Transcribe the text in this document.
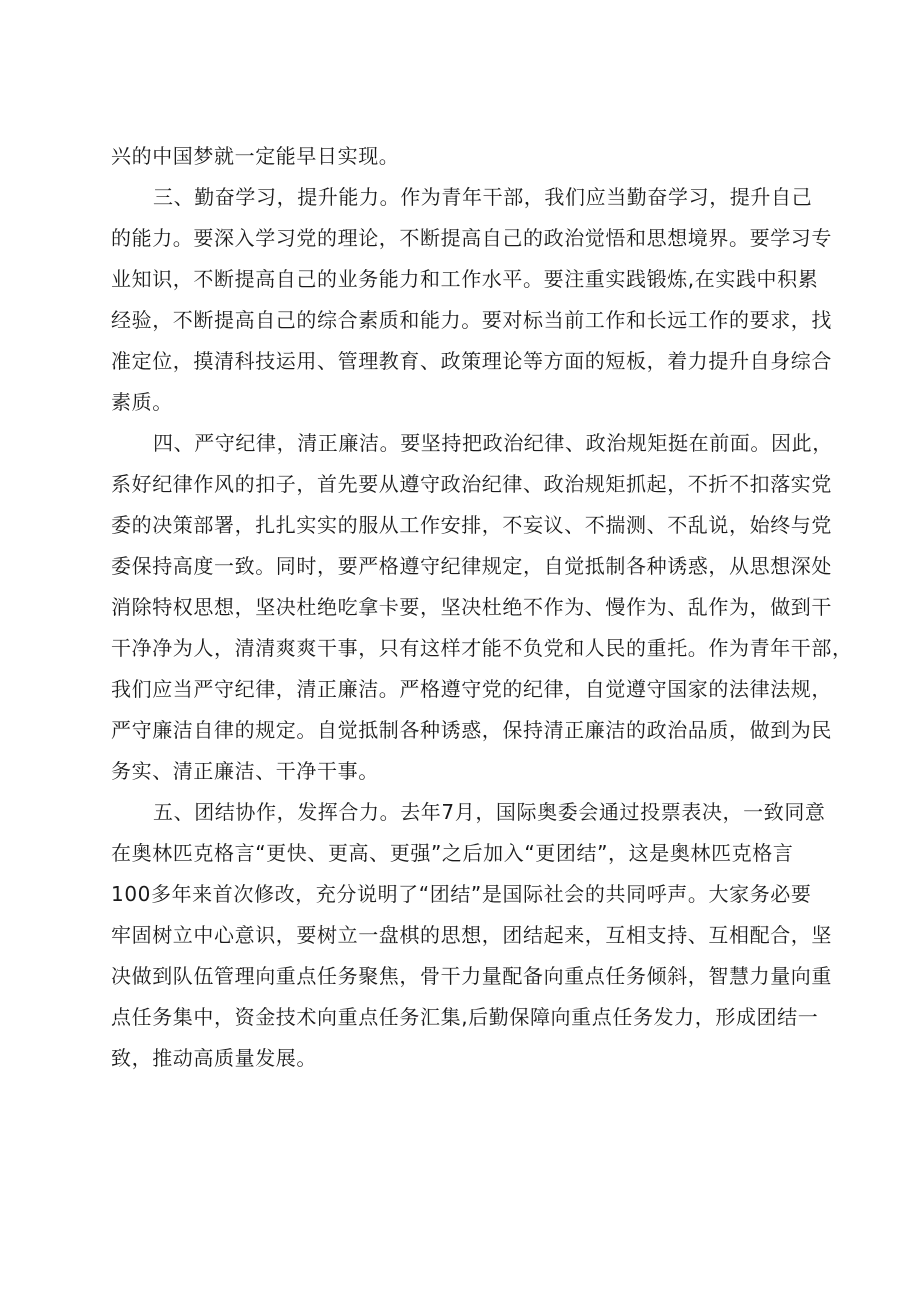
兴的中国梦就一定能早日实现。
三、勤奋学习，提升能力。作为青年干部，我们应当勤奋学习，提升自己
的能力。要深入学习党的理论，不断提高自己的政治觉悟和思想境界。要学习专
业知识，不断提高自己的业务能力和工作水平。要注重实践锻炼,在实践中积累
经验，不断提高自己的综合素质和能力。要对标当前工作和长远工作的要求，找
准定位，摸清科技运用、管理教育、政策理论等方面的短板，着力提升自身综合
素质。
四、严守纪律，清正廉洁。要坚持把政治纪律、政治规矩挺在前面。因此，
系好纪律作风的扣子，首先要从遵守政治纪律、政治规矩抓起，不折不扣落实党
委的决策部署，扎扎实实的服从工作安排，不妄议、不揣测、不乱说，始终与党
委保持高度一致。同时，要严格遵守纪律规定，自觉抵制各种诱惑，从思想深处
消除特权思想，坚决杜绝吃拿卡要，坚决杜绝不作为、慢作为、乱作为，做到干
干净净为人，清清爽爽干事，只有这样才能不负党和人民的重托。作为青年干部，
我们应当严守纪律，清正廉洁。严格遵守党的纪律，自觉遵守国家的法律法规，
严守廉洁自律的规定。自觉抵制各种诱惑，保持清正廉洁的政治品质，做到为民
务实、清正廉洁、干净干事。
五、团结协作，发挥合力。去年7月，国际奥委会通过投票表决，一致同意
在奥林匹克格言“更快、更高、更强”之后加入“更团结”，这是奥林匹克格言
100多年来首次修改，充分说明了“团结”是国际社会的共同呼声。大家务必要
牢固树立中心意识，要树立一盘棋的思想，团结起来，互相支持、互相配合，坚
决做到队伍管理向重点任务聚焦，骨干力量配备向重点任务倾斜，智慧力量向重
点任务集中，资金技术向重点任务汇集,后勤保障向重点任务发力，形成团结一
致，推动高质量发展。
